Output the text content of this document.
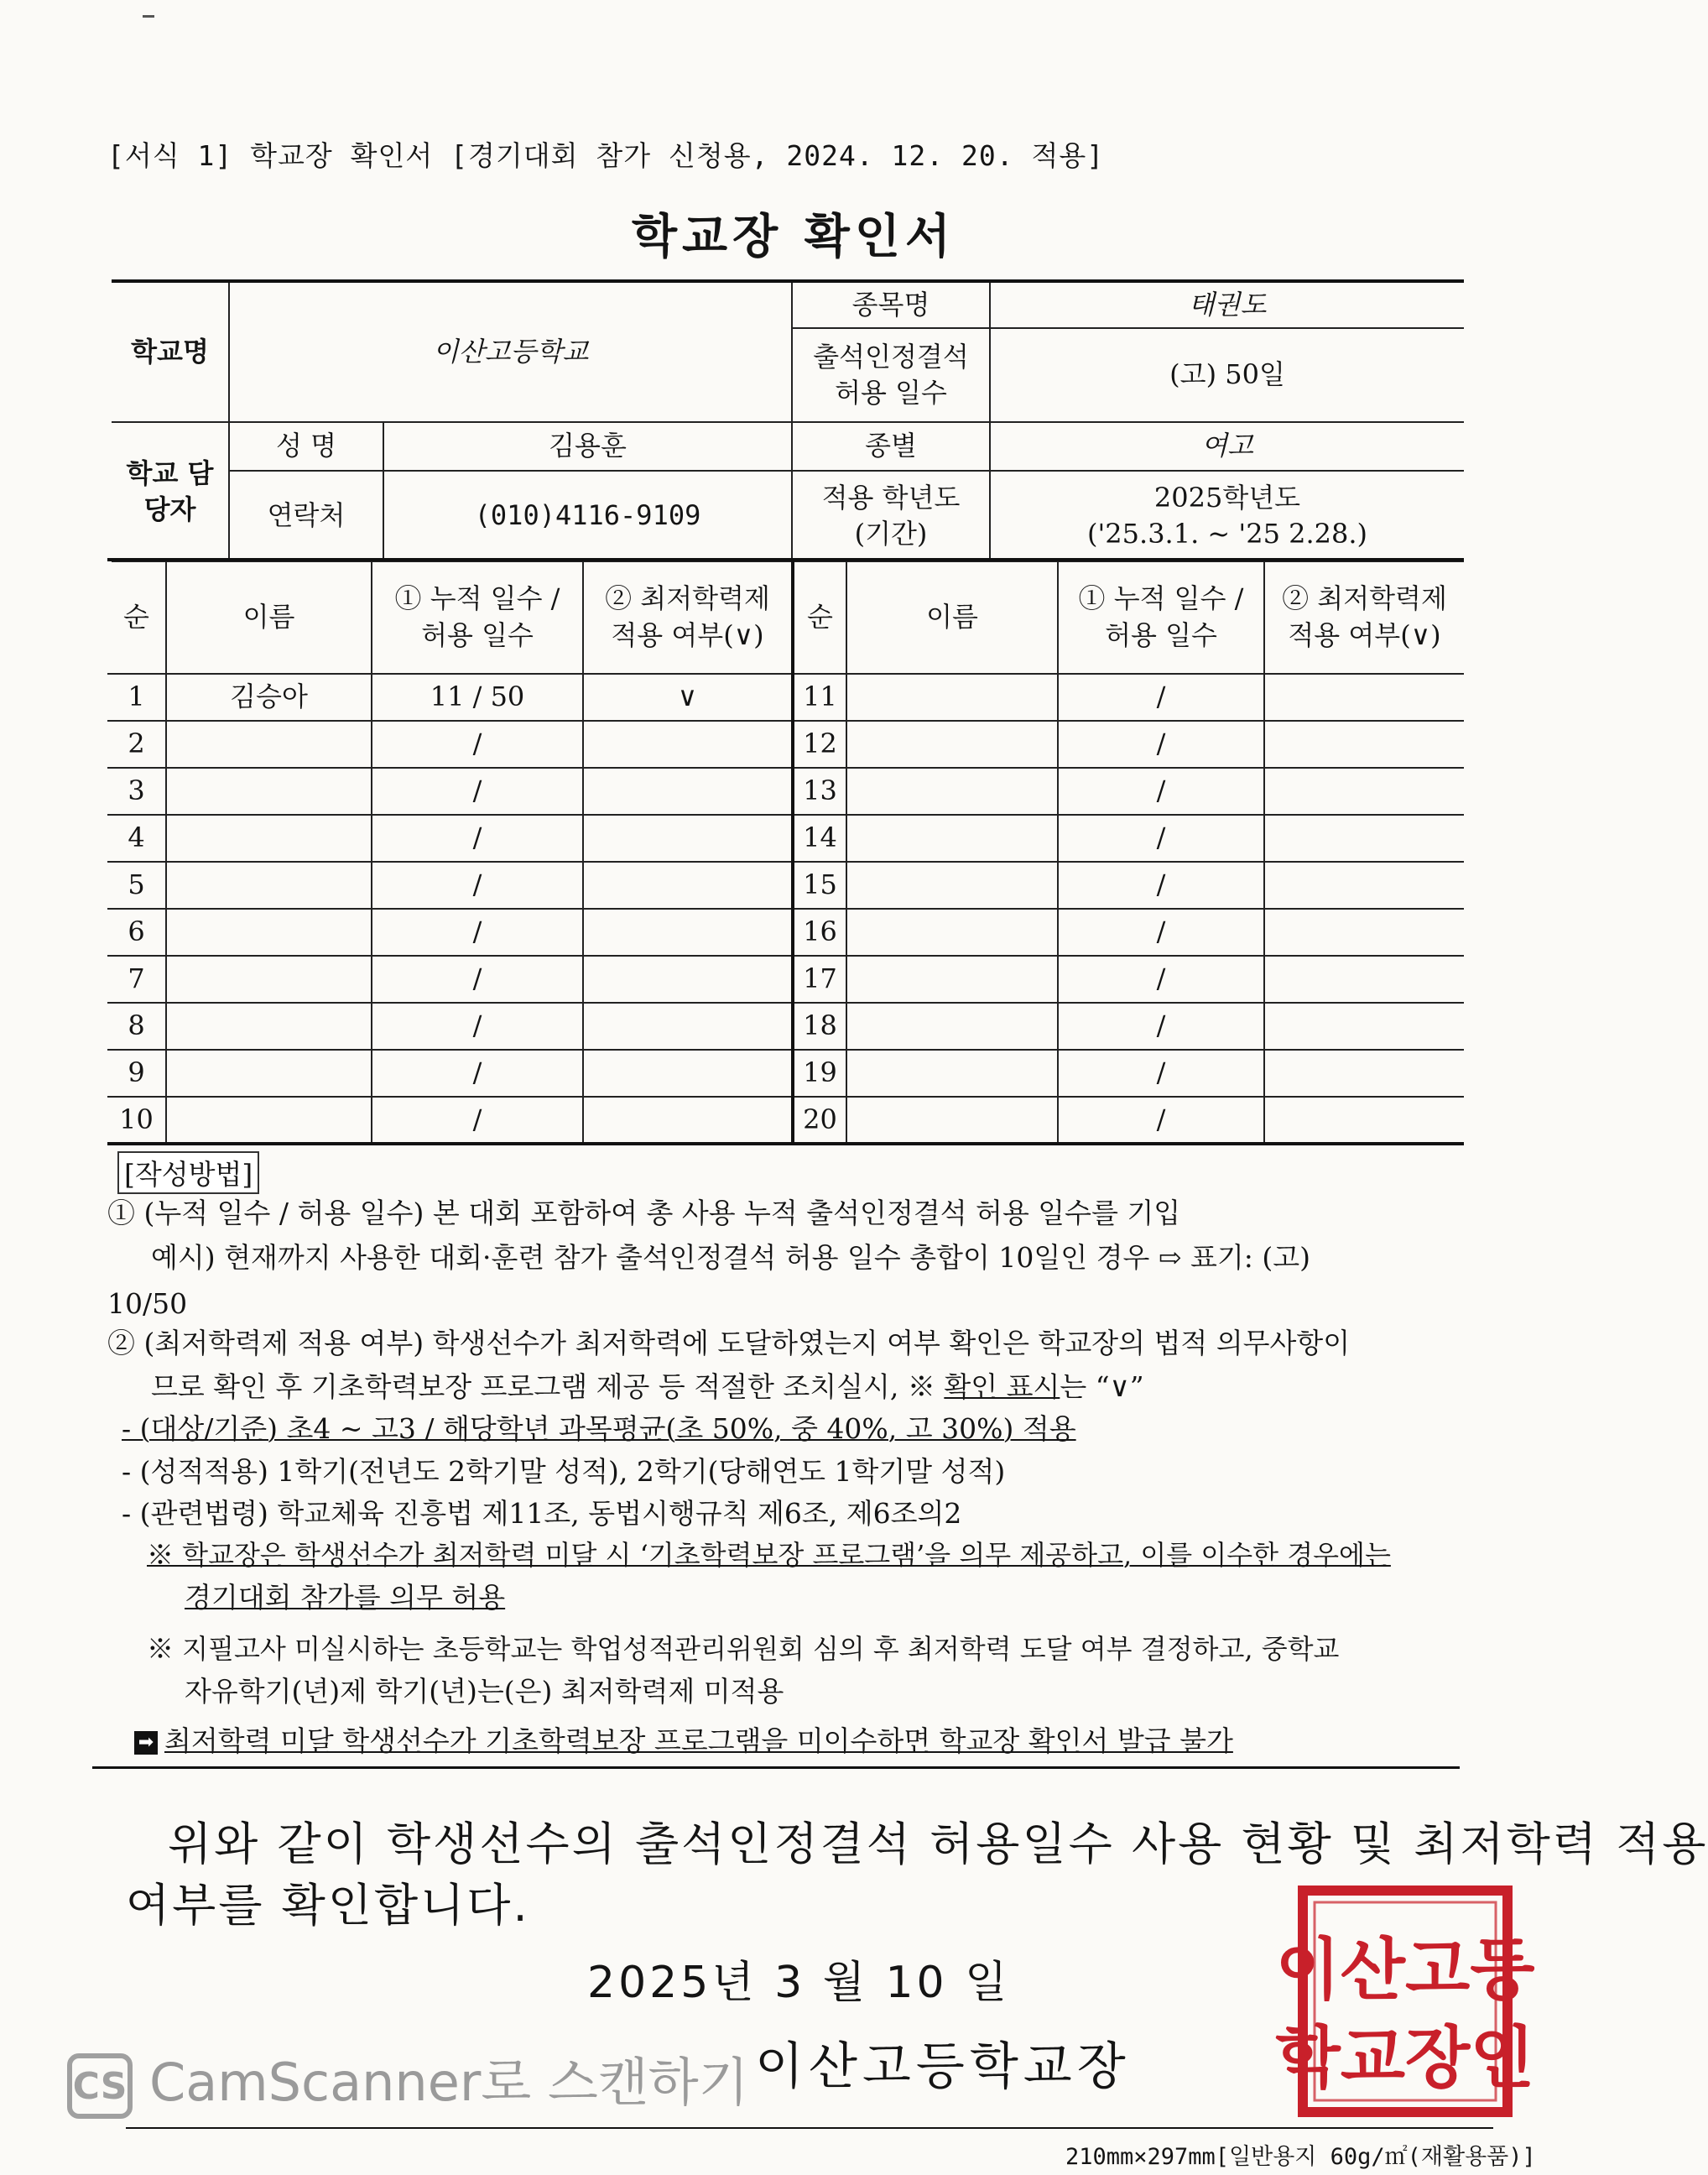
[서식 1] 학교장 확인서 [경기대회 참가 신청용, 2024. 12. 20. 적용]
학교장 확인서
학교명	이산고등학교		종목명	태권도
			출석인정결석 허용 일수	(고) 50일
학교 담당자	성 명	김용훈	종별	여고
	연락처	(010)4116-9109	적용 학년도 (기간)	2025학년도
('25.3.1. ~ '25 2.28.)
순	이름	① 누적 일수 / 허용 일수	② 최저학력제 적용 여부(∨)	순	이름	① 누적 일수 / 허용 일수	② 최저학력제 적용 여부(∨)
1	김승아	11 / 50	∨	11		/	
2		/		12		/	
3		/		13		/	
4		/		14		/	
5		/		15		/	
6		/		16		/	
7		/		17		/	
8		/		18		/	
9		/		19		/	
10		/		20		/	
[작성방법]
① (누적 일수 / 허용 일수) 본 대회 포함하여 총 사용 누적 출석인정결석 허용 일수를 기입
예시) 현재까지 사용한 대회·훈련 참가 출석인정결석 허용 일수 총합이 10일인 경우 ⇨ 표기: (고)
10/50
② (최저학력제 적용 여부) 학생선수가 최저학력에 도달하였는지 여부 확인은 학교장의 법적 의무사항이
므로 확인 후 기초학력보장 프로그램 제공 등 적절한 조치실시, ※ 확인 표시는 “∨”
- (대상/기준) 초4 ~ 고3 / 해당학년 과목평균(초 50%, 중 40%, 고 30%) 적용
- (성적적용) 1학기(전년도 2학기말 성적), 2학기(당해연도 1학기말 성적)
- (관련법령) 학교체육 진흥법 제11조, 동법시행규칙 제6조, 제6조의2
※ 학교장은 학생선수가 최저학력 미달 시 ‘기초학력보장 프로그램’을 의무 제공하고, 이를 이수한 경우에는
경기대회 참가를 의무 허용
※ 지필고사 미실시하는 초등학교는 학업성적관리위원회 심의 후 최저학력 도달 여부 결정하고, 중학교
자유학기(년)제 학기(년)는(은) 최저학력제 미적용
➡ 최저학력 미달 학생선수가 기초학력보장 프로그램을 미이수하면 학교장 확인서 발급 불가
위와 같이 학생선수의 출석인정결석 허용일수 사용 현황 및 최저학력 적용
여부를 확인합니다.
2025년 3 월 10 일
이산고등학교장
이산고등
학교장인
CS CamScanner로 스캔하기
210mm×297mm[일반용지 60g/㎡(재활용품)]
